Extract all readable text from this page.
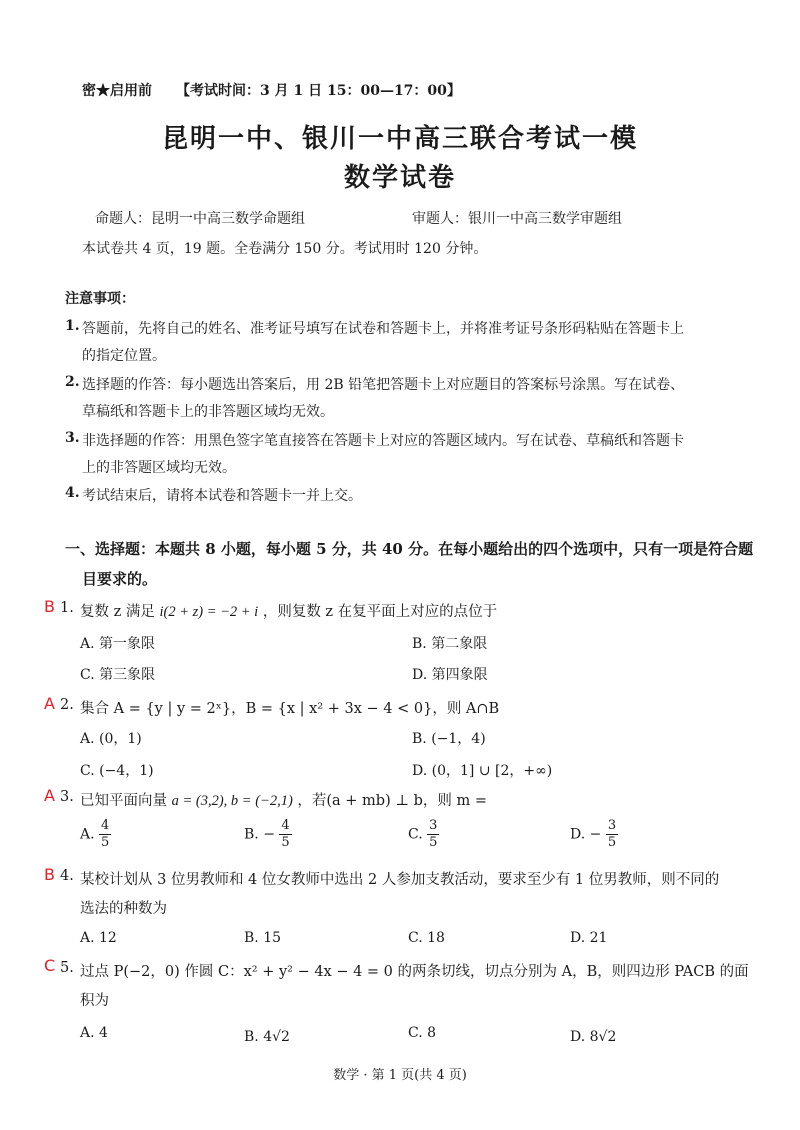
密★启用前 【考试时间：3 月 1 日 15：00—17：00】
昆明一中、银川一中高三联合考试一模
数学试卷
命题人：昆明一中高三数学命题组	审题人：银川一中高三数学审题组
本试卷共 4 页，19 题。全卷满分 150 分。考试用时 120 分钟。
注意事项：
1. 答题前，先将自己的姓名、准考证号填写在试卷和答题卡上，并将准考证号条形码粘贴在答题卡上
的指定位置。
2. 选择题的作答：每小题选出答案后，用 2B 铅笔把答题卡上对应题目的答案标号涂黑。写在试卷、
草稿纸和答题卡上的非答题区域均无效。
3. 非选择题的作答：用黑色签字笔直接答在答题卡上对应的答题区域内。写在试卷、草稿纸和答题卡
上的非答题区域均无效。
4. 考试结束后，请将本试卷和答题卡一并上交。
一、选择题：本题共 8 小题，每小题 5 分，共 40 分。在每小题给出的四个选项中，只有一项是符合题
目要求的。
B 1. 复数 z 满足 i(2 + z) = −2 + i ，则复数 z 在复平面上对应的点位于
A. 第一象限	B. 第二象限
C. 第三象限	D. 第四象限
A 2. 集合 A = {y | y = 2ˣ}，B = {x | x² + 3x − 4 < 0}，则 A∩B
A. (0，1)	B. (−1，4)
C. (−4，1)	D. (0，1] ∪ [2，+∞)
A 3. 已知平面向量 a = (3,2), b = (−2,1) ，若(a + mb) ⊥ b，则 m =
A. $\frac{4}{5}$	B. − $\frac{4}{5}$	C. $\frac{3}{5}$	D. − $\frac{3}{5}$
B 4. 某校计划从 3 位男教师和 4 位女教师中选出 2 人参加支教活动，要求至少有 1 位男教师，则不同的
选法的种数为
A. 12	B. 15	C. 18	D. 21
C 5. 过点 P(−2，0) 作圆 C：x² + y² − 4x − 4 = 0 的两条切线，切点分别为 A，B，则四边形 PACB 的面
积为
A. 4	B. 4√2	C. 8	D. 8√2
数学 · 第 1 页(共 4 页)
